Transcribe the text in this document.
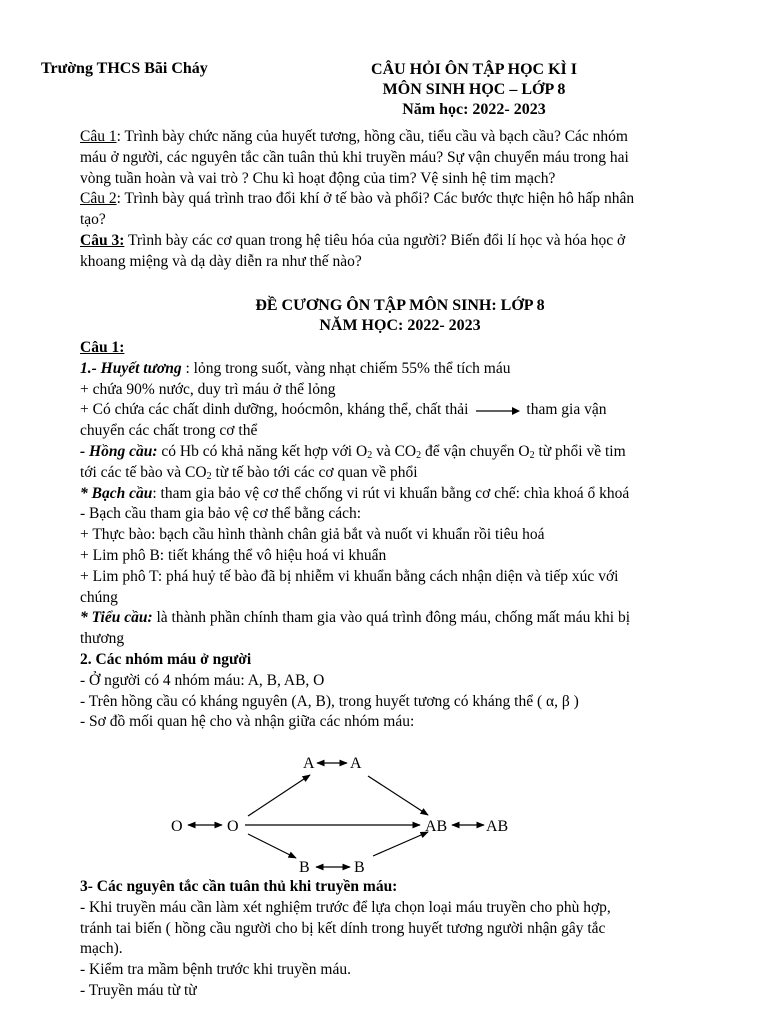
Trường THCS Bãi Cháy	CÂU HỎI ÔN TẬP HỌC KÌ I
MÔN SINH HỌC – LỚP 8
Năm học: 2022- 2023
Câu 1: Trình bày chức năng của huyết tương, hồng cầu, tiểu cầu và bạch cầu? Các nhóm
máu ở người, các nguyên tắc cần tuân thủ khi truyền máu? Sự vận chuyển máu trong hai
vòng tuần hoàn và vai trò ? Chu kì hoạt động của tim? Vệ sinh hệ tim mạch?
Câu 2: Trình bày quá trình trao đổi khí ở tế bào và phổi? Các bước thực hiện hô hấp nhân
tạo?
Câu 3: Trình bày các cơ quan trong hệ tiêu hóa của người? Biến đổi lí học và hóa học ở
khoang miệng và dạ dày diễn ra như thế nào?
ĐỀ CƯƠNG ÔN TẬP MÔN SINH: LỚP 8
NĂM HỌC: 2022- 2023
Câu 1:
1.- Huyết tương : lỏng trong suốt, vàng nhạt chiếm 55% thể tích máu
+ chứa 90% nước, duy trì máu ở thể lỏng
+ Có chứa các chất dinh dưỡng, hoócmôn, kháng thể, chất thải	tham gia vận
chuyển các chất trong cơ thể
- Hồng cầu: có Hb có khả năng kết hợp với $O_2$ và $CO_2$ để vận chuyển $O_2$ từ phổi về tim
tới các tế bào và $CO_2$ từ tế bào tới các cơ quan về phổi
* Bạch cầu: tham gia bảo vệ cơ thể chống vi rút vi khuẩn bằng cơ chế: chìa khoá ổ khoá
- Bạch cầu tham gia bảo vệ cơ thể bằng cách:
+ Thực bào: bạch cầu hình thành chân giả bắt và nuốt vi khuẩn rồi tiêu hoá
+ Lim phô B: tiết kháng thể vô hiệu hoá vi khuẩn
+ Lim phô T: phá huỷ tế bào đã bị nhiễm vi khuẩn bằng cách nhận diện và tiếp xúc với
chúng
* Tiểu cầu: là thành phần chính tham gia vào quá trình đông máu, chống mất máu khi bị
thương
2. Các nhóm máu ở người
- Ở người có 4 nhóm máu: A, B, AB, O
- Trên hồng cầu có kháng nguyên (A, B), trong huyết tương có kháng thể ( α, β )
- Sơ đồ mối quan hệ cho và nhận giữa các nhóm máu:
A A
O	O	AB AB
B	B
3- Các nguyên tắc cần tuân thủ khi truyền máu:
- Khi truyền máu cần làm xét nghiệm trước để lựa chọn loại máu truyền cho phù hợp,
tránh tai biến ( hồng cầu người cho bị kết dính trong huyết tương người nhận gây tắc
mạch).
- Kiểm tra mầm bệnh trước khi truyền máu.
- Truyền máu từ từ
